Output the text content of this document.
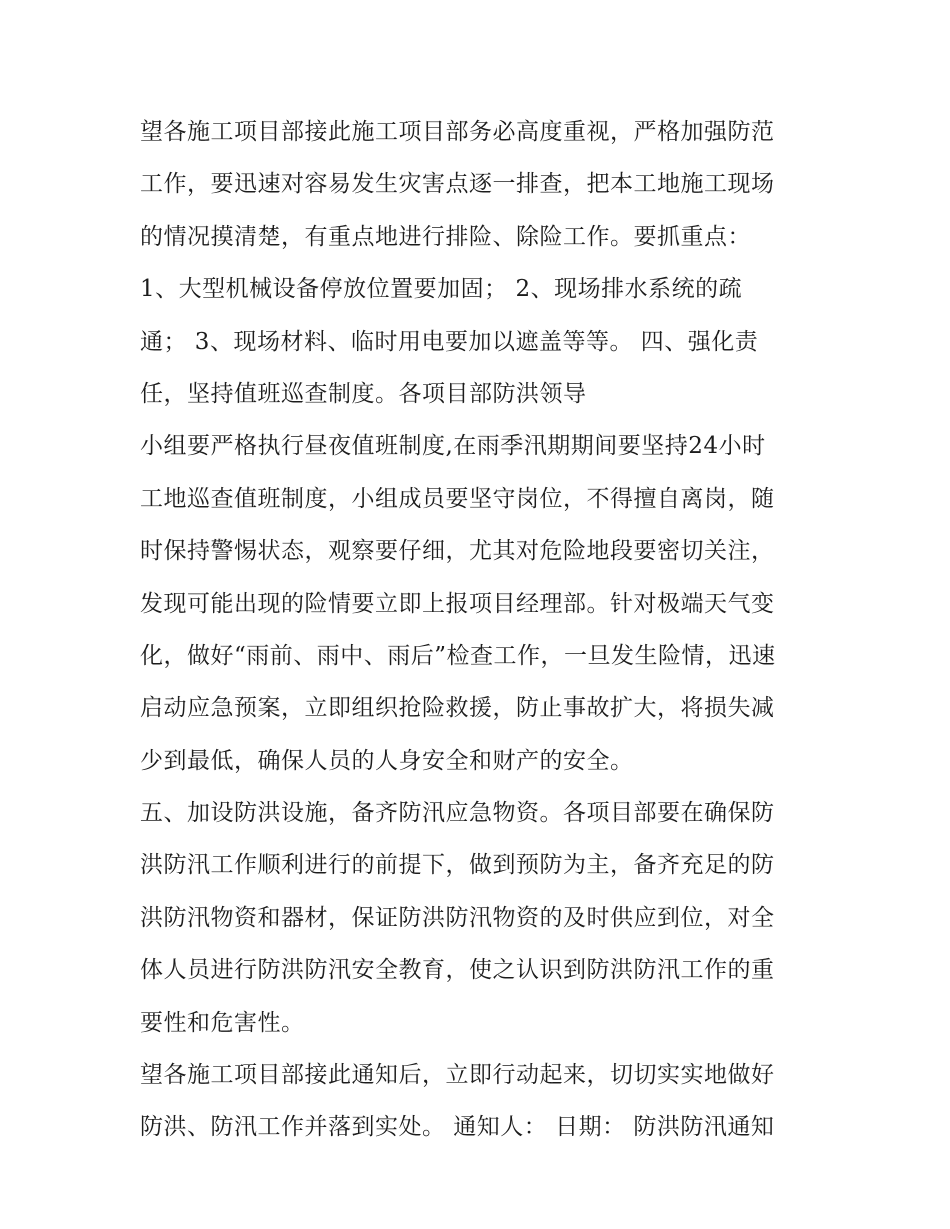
望各施工项目部接此施工项目部务必高度重视，严格加强防范
工作，要迅速对容易发生灾害点逐一排查，把本工地施工现场
的情况摸清楚，有重点地进行排险、除险工作。要抓重点：
1、大型机械设备停放位置要加固； 2、现场排水系统的疏
通； 3、现场材料、临时用电要加以遮盖等等。 四、强化责
任，坚持值班巡查制度。各项目部防洪领导
小组要严格执行昼夜值班制度,在雨季汛期期间要坚持24小时
工地巡查值班制度，小组成员要坚守岗位，不得擅自离岗，随
时保持警惕状态，观察要仔细，尤其对危险地段要密切关注，
发现可能出现的险情要立即上报项目经理部。针对极端天气变
化，做好“雨前、雨中、雨后”检查工作，一旦发生险情，迅速
启动应急预案，立即组织抢险救援，防止事故扩大，将损失减
少到最低，确保人员的人身安全和财产的安全。
五、加设防洪设施，备齐防汛应急物资。各项目部要在确保防
洪防汛工作顺利进行的前提下，做到预防为主，备齐充足的防
洪防汛物资和器材，保证防洪防汛物资的及时供应到位，对全
体人员进行防洪防汛安全教育，使之认识到防洪防汛工作的重
要性和危害性。
望各施工项目部接此通知后，立即行动起来，切切实实地做好
防洪、防汛工作并落到实处。 通知人： 日期： 防洪防汛通知
